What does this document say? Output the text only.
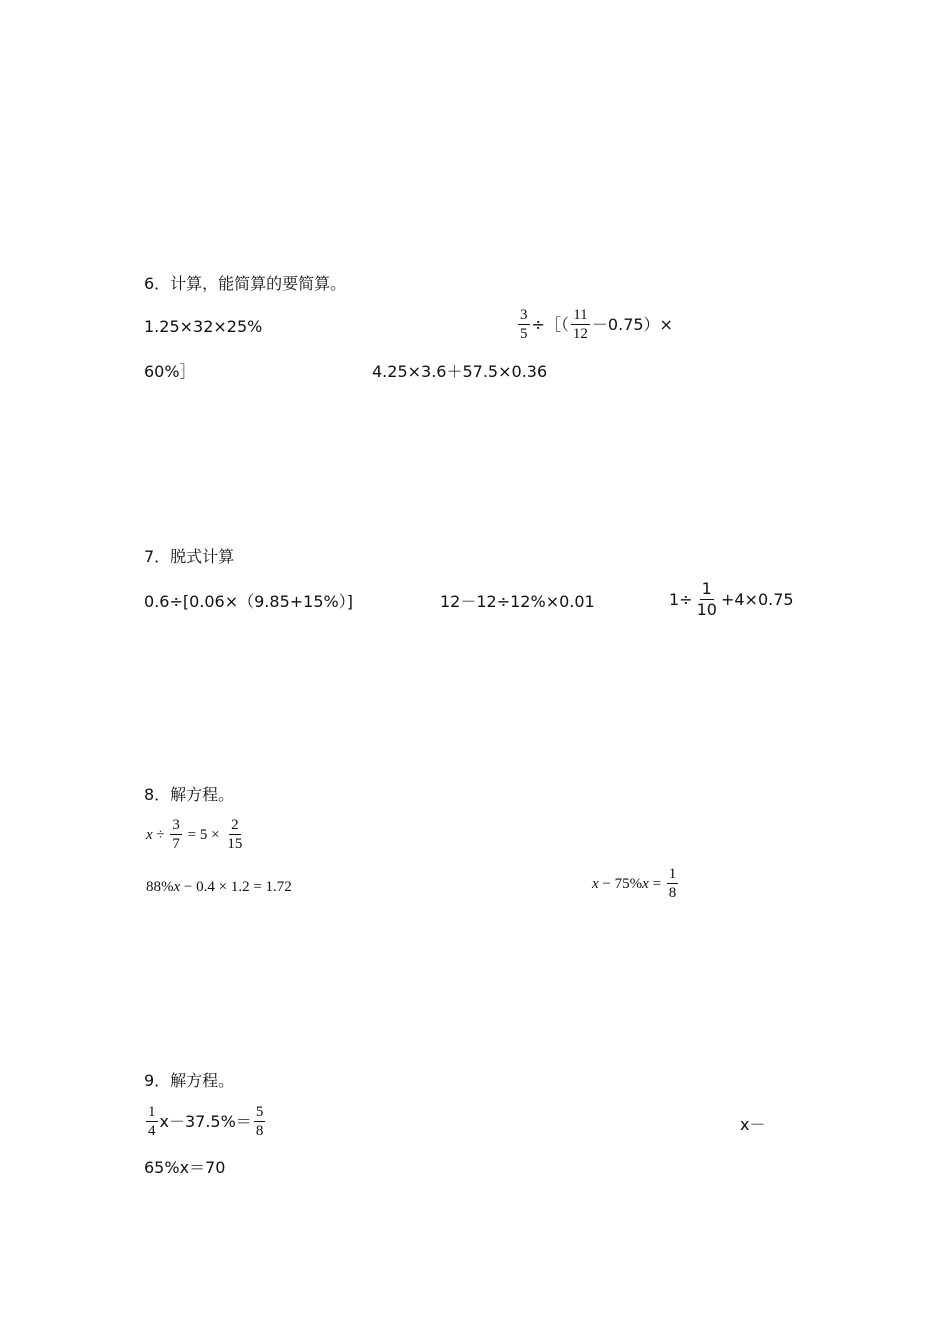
6．计算，能简算的要简算。
1.25×32×25%	$\frac{3}{5}$ ÷［（ $\frac{11}{12} -0.75)\times$
60%］	4.25×3.6＋57.5×0.36
7．脱式计算
0.6÷[0.06×（9.85+15%）]	12－12÷12%×0.01	$1\div \frac{1}{10} +4\times 0.75$
8．解方程。
$x \div \frac{3}{7} = 5 \times \frac{2}{15}$
88%x − 0.4 × 1.2 = 1.72	x − 75% $x = \frac{1}{8}$
9．解方程。
$\frac{1}{4} x-37.5\%= \frac{5}{8}$	x－
65%x＝70
